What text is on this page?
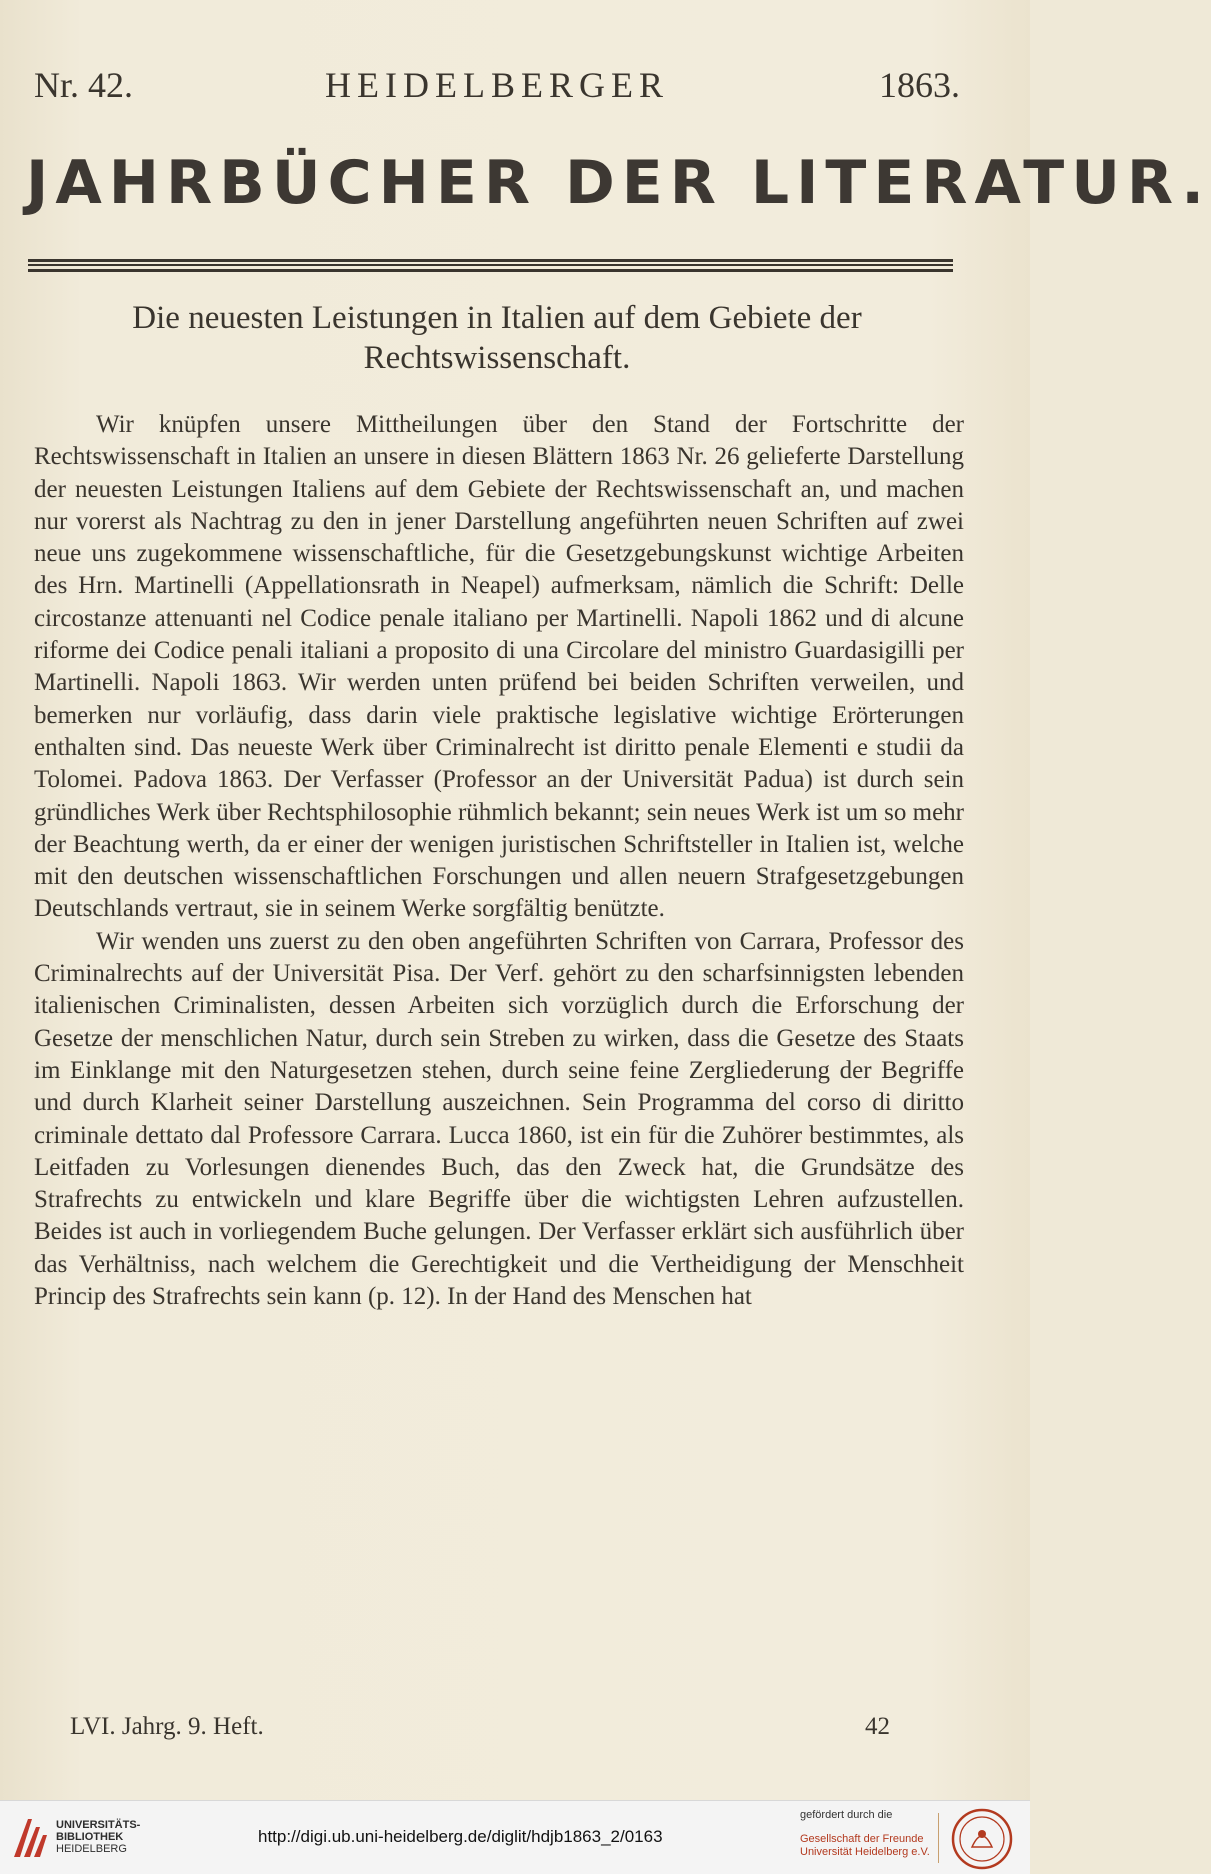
Nr. 42.	HEIDELBERGER	1863.
JAHRBÜCHER DER LITERATUR.
Die neuesten Leistungen in Italien auf dem Gebiete der
Rechtswissenschaft.

Wir knüpfen unsere Mittheilungen über den Stand der Fortschritte der Rechtswissenschaft in Italien an unsere in diesen Blättern 1863 Nr. 26 gelieferte Darstellung der neuesten Leistungen Italiens auf dem Gebiete der Rechtswissenschaft an, und machen nur vorerst als Nachtrag zu den in jener Darstellung angeführten neuen Schriften auf zwei neue uns zugekommene wissenschaftliche, für die Gesetzgebungskunst wichtige Arbeiten des Hrn. Martinelli (Appellationsrath in Neapel) aufmerksam, nämlich die Schrift: Delle circostanze attenuanti nel Codice penale italiano per Martinelli. Napoli 1862 und di alcune riforme dei Codice penali italiani a proposito di una Circolare del ministro Guardasigilli per Martinelli. Napoli 1863. Wir werden unten prüfend bei beiden Schriften verweilen, und bemerken nur vorläufig, dass darin viele praktische legislative wichtige Erörterungen enthalten sind. Das neueste Werk über Criminalrecht ist diritto penale Elementi e studii da Tolomei. Padova 1863. Der Verfasser (Professor an der Universität Padua) ist durch sein gründliches Werk über Rechtsphilosophie rühmlich bekannt; sein neues Werk ist um so mehr der Beachtung werth, da er einer der wenigen juristischen Schriftsteller in Italien ist, welche mit den deutschen wissenschaftlichen Forschungen und allen neuern Strafgesetzgebungen Deutschlands vertraut, sie in seinem Werke sorgfältig benützte.

Wir wenden uns zuerst zu den oben angeführten Schriften von Carrara, Professor des Criminalrechts auf der Universität Pisa. Der Verf. gehört zu den scharfsinnigsten lebenden italienischen Criminalisten, dessen Arbeiten sich vorzüglich durch die Erforschung der Gesetze der menschlichen Natur, durch sein Streben zu wirken, dass die Gesetze des Staats im Einklange mit den Naturgesetzen stehen, durch seine feine Zergliederung der Begriffe und durch Klarheit seiner Darstellung auszeichnen. Sein Programma del corso di diritto criminale dettato dal Professore Carrara. Lucca 1860, ist ein für die Zuhörer bestimmtes, als Leitfaden zu Vorlesungen dienendes Buch, das den Zweck hat, die Grundsätze des Strafrechts zu entwickeln und klare Begriffe über die wichtigsten Lehren aufzustellen. Beides ist auch in vorliegendem Buche gelungen. Der Verfasser erklärt sich ausführlich über das Verhältniss, nach welchem die Gerechtigkeit und die Vertheidigung der Menschheit Princip des Strafrechts sein kann (p. 12). In der Hand des Menschen hat

LVI. Jahrg. 9. Heft.	42
UNIVERSITÄTS-
BIBLIOTHEK
HEIDELBERG
http://digi.ub.uni-heidelberg.de/diglit/hdjb1863_2/0163
gefördert durch die
Gesellschaft der Freunde
Universität Heidelberg e.V.
